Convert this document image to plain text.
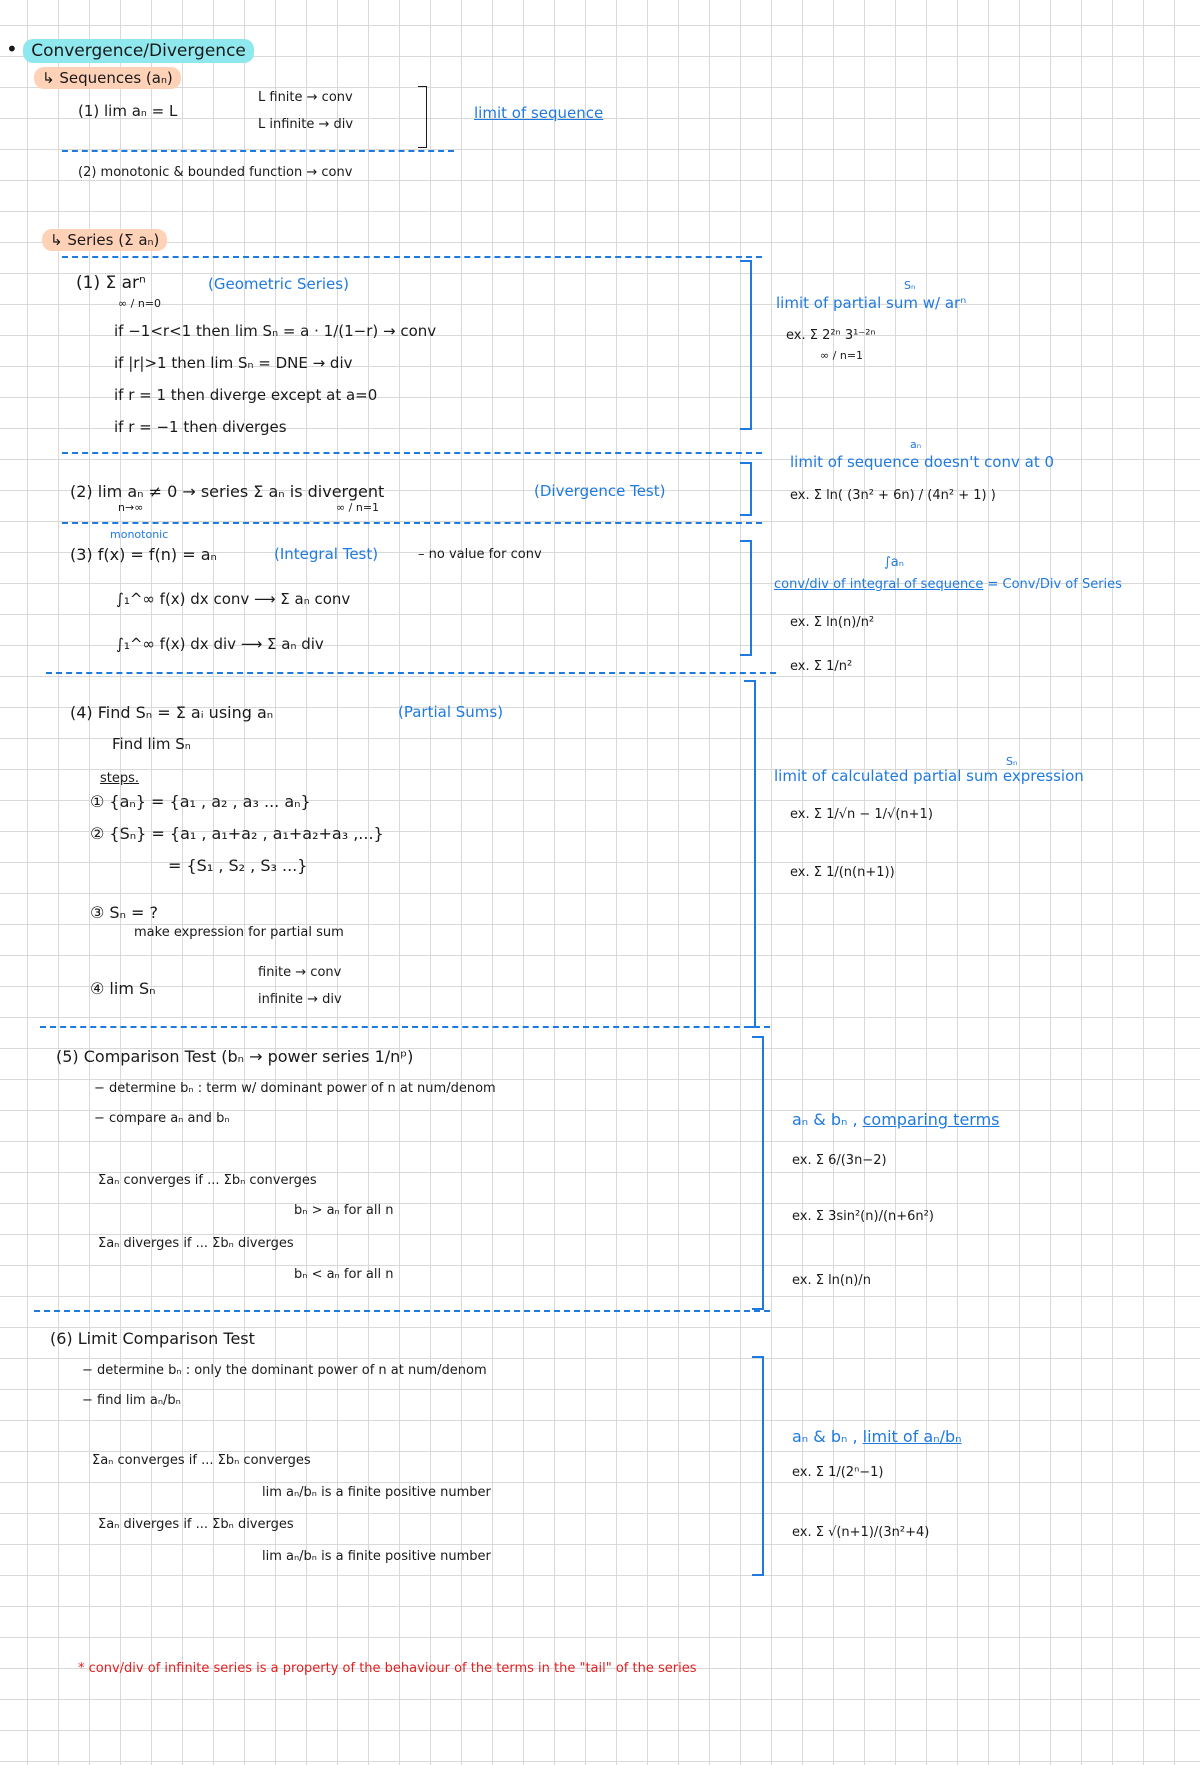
• Convergence/Divergence
↳ Sequences (aₙ)
(1) lim aₙ = L
L finite → conv
L infinite → div
limit of sequence
(2) monotonic & bounded function → conv
↳ Series (Σ aₙ)
(1) Σ arⁿ
∞ / n=0
(Geometric Series)
if −1<r<1 then lim Sₙ = a · 1/(1−r) → conv
if |r|>1 then lim Sₙ = DNE → div
if r = 1 then diverge except at a=0
if r = −1 then diverges
Sₙ
limit of partial sum w/ arⁿ
ex. Σ 2²ⁿ 3¹⁻²ⁿ
∞ / n=1
(2) lim aₙ ≠ 0 → series Σ aₙ is divergent
n→∞	∞ / n=1
(Divergence Test)
aₙ
limit of sequence doesn't conv at 0
ex. Σ ln( (3n² + 6n) / (4n² + 1) )
monotonic
(3) f(x) = f(n) = aₙ	(Integral Test)	– no value for conv
∫₁^∞ f(x) dx conv ⟶ Σ aₙ conv
∫₁^∞ f(x) dx div ⟶ Σ aₙ div
∫aₙ
conv/div of integral of sequence = Conv/Div of Series
ex. Σ ln(n)/n²
ex. Σ 1/n²
(4) Find Sₙ = Σ aᵢ using aₙ	(Partial Sums)
Find lim Sₙ
steps.
① {aₙ} = {a₁ , a₂ , a₃ ... aₙ}
② {Sₙ} = {a₁ , a₁+a₂ , a₁+a₂+a₃ ,...}
= {S₁ , S₂ , S₃ ...}
③ Sₙ = ?
make expression for partial sum
④ lim Sₙ
finite → conv
infinite → div
Sₙ
limit of calculated partial sum expression
ex. Σ 1/√n − 1/√(n+1)
ex. Σ 1/(n(n+1))
(5) Comparison Test (bₙ → power series 1/nᵖ)
− determine bₙ : term w/ dominant power of n at num/denom
− compare aₙ and bₙ
Σaₙ converges if ... Σbₙ converges
bₙ > aₙ for all n
Σaₙ diverges if ... Σbₙ diverges
bₙ < aₙ for all n
aₙ & bₙ , comparing terms
ex. Σ 6/(3n−2)
ex. Σ 3sin²(n)/(n+6n²)
ex. Σ ln(n)/n
(6) Limit Comparison Test
− determine bₙ : only the dominant power of n at num/denom
− find lim aₙ/bₙ
Σaₙ converges if ... Σbₙ converges
lim aₙ/bₙ is a finite positive number
Σaₙ diverges if ... Σbₙ diverges
lim aₙ/bₙ is a finite positive number
aₙ & bₙ , limit of aₙ/bₙ
ex. Σ 1/(2ⁿ−1)
ex. Σ √(n+1)/(3n²+4)
* conv/div of infinite series is a property of the behaviour of the terms in the "tail" of the series
